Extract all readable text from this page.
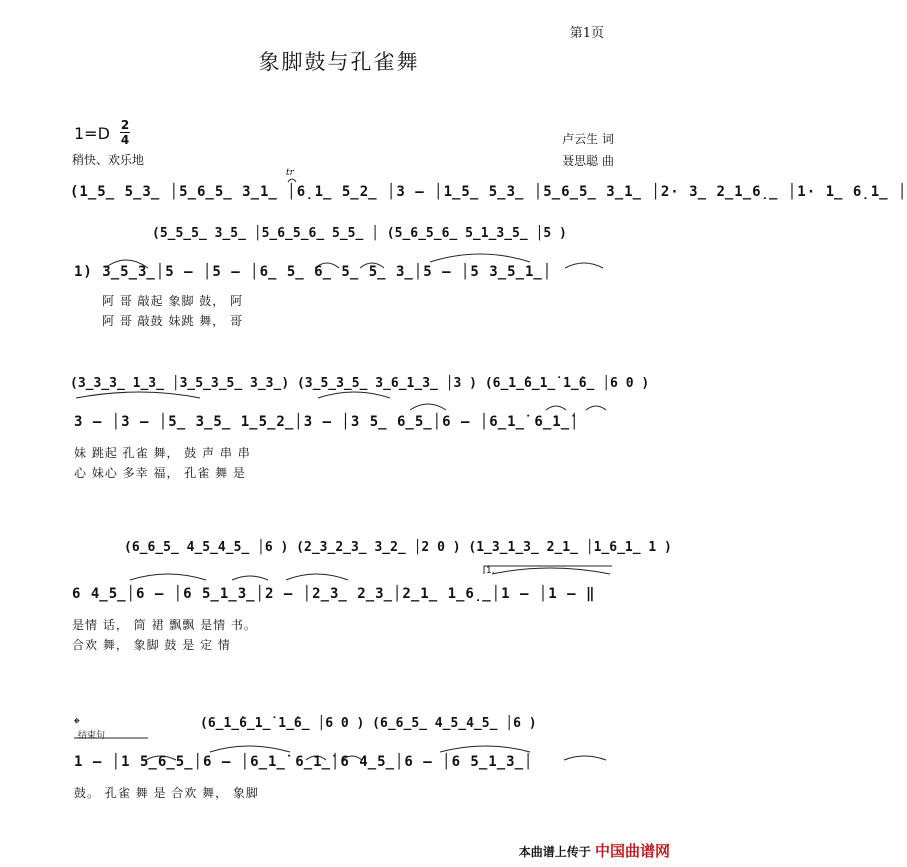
第1页
象脚鼓与孔雀舞
1=D 2
4
稍快、欢乐地
卢云生 词
聂思聪 曲
(1̲5̲ 5̲3̲ │5̲6̲5̲ 3̲1̲ │6̣1̲ 5̲2̲ │3 – │1̲5̲ 5̲3̲ │5̲6̲5̲ 3̲1̲ │2· 3̲ 2̲1̲6̣̲ │1· 1̲ 6̣1̲ │
tr
(5̲5̲5̲ 3̲5̲ │5̲6̲5̲6̲ 5̲5̲ │ (5̲6̲5̲6̲ 5̲1̲3̲5̲ │5 )
1) 3̲5̲3̲│5 – │5 – │6̲ 5̲ 6̲ 5̲ 5̲ 3̲│5 – │5 3̲5̲1̲│
阿 哥 敲起 象脚 鼓， 阿
阿 哥 敲鼓 妹跳 舞， 哥
(3̲3̲3̲ 1̲3̲ │3̲5̲3̲5̲ 3̲3̲) (3̲5̲3̲5̲ 3̲6̲1̲3̲ │3 ) (6̲1̲̇6̲1̲̇ 1̲̇6̲ │6 0 )
3 – │3 – │5̲ 3̲5̲ 1̲5̲2̲│3 – │3 5̲ 6̲5̲│6 – │6̲1̲̇ 6̲1̲̇│
妹 跳起 孔雀 舞， 鼓 声 串 串
心 妹心 多幸 福， 孔雀 舞 是
(6̲6̲5̲ 4̲5̲4̲5̲ │6 ) (2̲3̲2̲3̲ 3̲2̲ │2 0 ) (1̲3̲1̲3̲ 2̲1̲ │1̲6̲1̲ 1 )
1.
6 4̲5̲│6 – │6 5̲1̲3̲│2 – │2̲3̲ 2̲3̲│2̲1̲ 1̲6̣̲│1 – │1 – ‖
是情 话， 筒 裙 飘飘 是情 书。
合欢 舞， 象脚 鼓 是 定 情
𝄌
结束句
(6̲1̲̇6̲1̲̇ 1̲̇6̲ │6 0 ) (6̲6̲5̲ 4̲5̲4̲5̲ │6 )
1 – │1 5̲6̲5̲│6 – │6̲1̲̇ 6̲1̲̇│6 4̲5̲│6 – │6 5̲1̲3̲│
鼓。 孔雀 舞 是 合欢 舞， 象脚
本曲谱上传于 中国曲谱网
